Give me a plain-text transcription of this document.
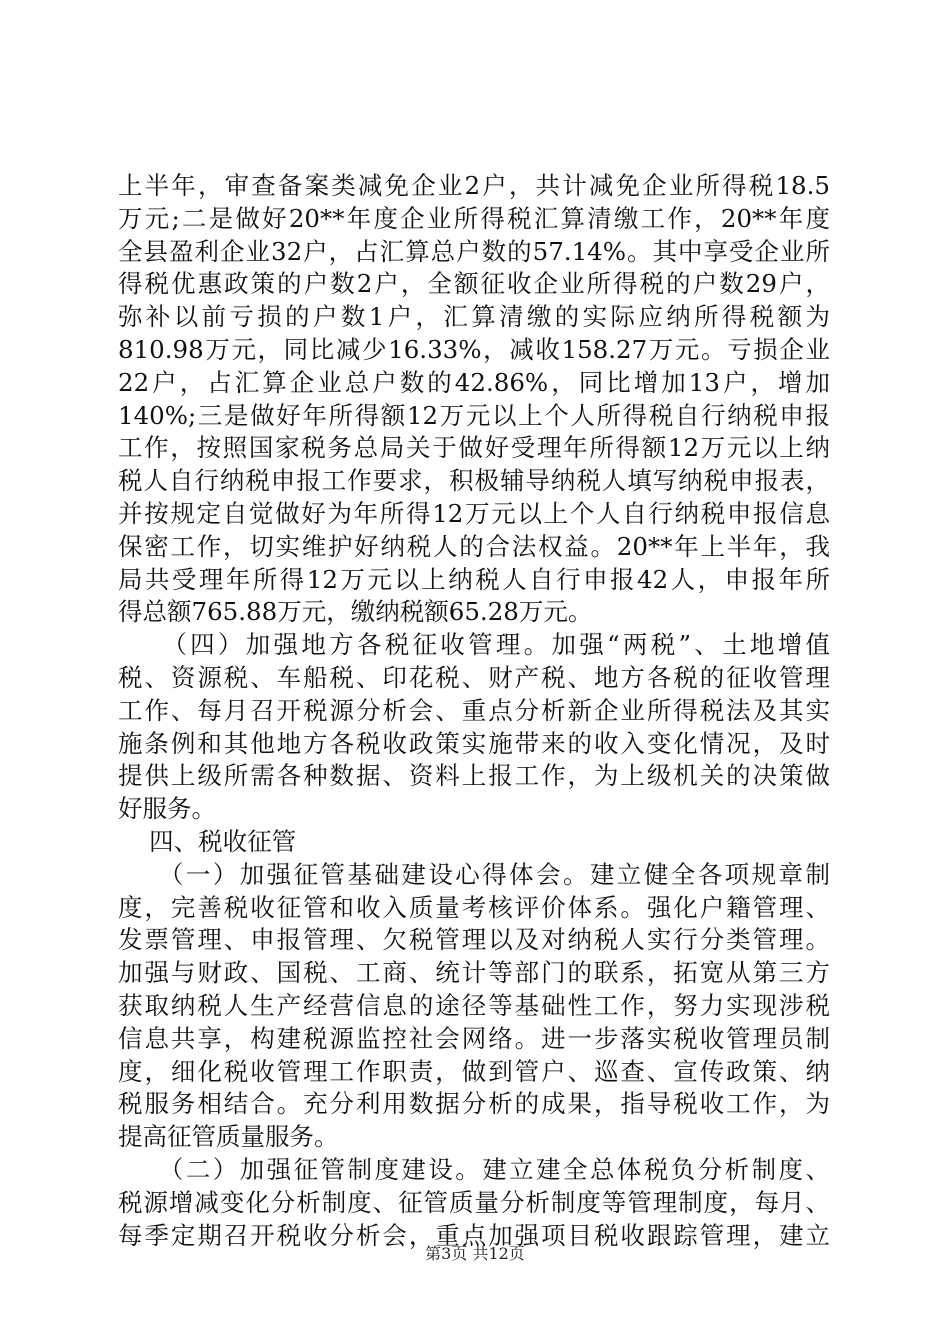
上半年，审查备案类减免企业2户，共计减免企业所得税18.5
万元;二是做好20**年度企业所得税汇算清缴工作，20**年度
全县盈利企业32户，占汇算总户数的57.14%。其中享受企业所
得税优惠政策的户数2户，全额征收企业所得税的户数29户，
弥补以前亏损的户数1户，汇算清缴的实际应纳所得税额为
810.98万元，同比减少16.33%，减收158.27万元。亏损企业
22户，占汇算企业总户数的42.86%，同比增加13户，增加
140%;三是做好年所得额12万元以上个人所得税自行纳税申报
工作，按照国家税务总局关于做好受理年所得额12万元以上纳
税人自行纳税申报工作要求，积极辅导纳税人填写纳税申报表，
并按规定自觉做好为年所得12万元以上个人自行纳税申报信息
保密工作，切实维护好纳税人的合法权益。20**年上半年，我
局共受理年所得12万元以上纳税人自行申报42人，申报年所
得总额765.88万元，缴纳税额65.28万元。
（四）加强地方各税征收管理。加强“两税”、土地增值
税、资源税、车船税、印花税、财产税、地方各税的征收管理
工作、每月召开税源分析会、重点分析新企业所得税法及其实
施条例和其他地方各税收政策实施带来的收入变化情况，及时
提供上级所需各种数据、资料上报工作，为上级机关的决策做
好服务。
四、税收征管
（一）加强征管基础建设心得体会。建立健全各项规章制
度，完善税收征管和收入质量考核评价体系。强化户籍管理、
发票管理、申报管理、欠税管理以及对纳税人实行分类管理。
加强与财政、国税、工商、统计等部门的联系，拓宽从第三方
获取纳税人生产经营信息的途径等基础性工作，努力实现涉税
信息共享，构建税源监控社会网络。进一步落实税收管理员制
度，细化税收管理工作职责，做到管户、巡查、宣传政策、纳
税服务相结合。充分利用数据分析的成果，指导税收工作，为
提高征管质量服务。
（二）加强征管制度建设。建立建全总体税负分析制度、
税源增减变化分析制度、征管质量分析制度等管理制度，每月、
每季定期召开税收分析会，重点加强项目税收跟踪管理，建立
第3页 共12页
